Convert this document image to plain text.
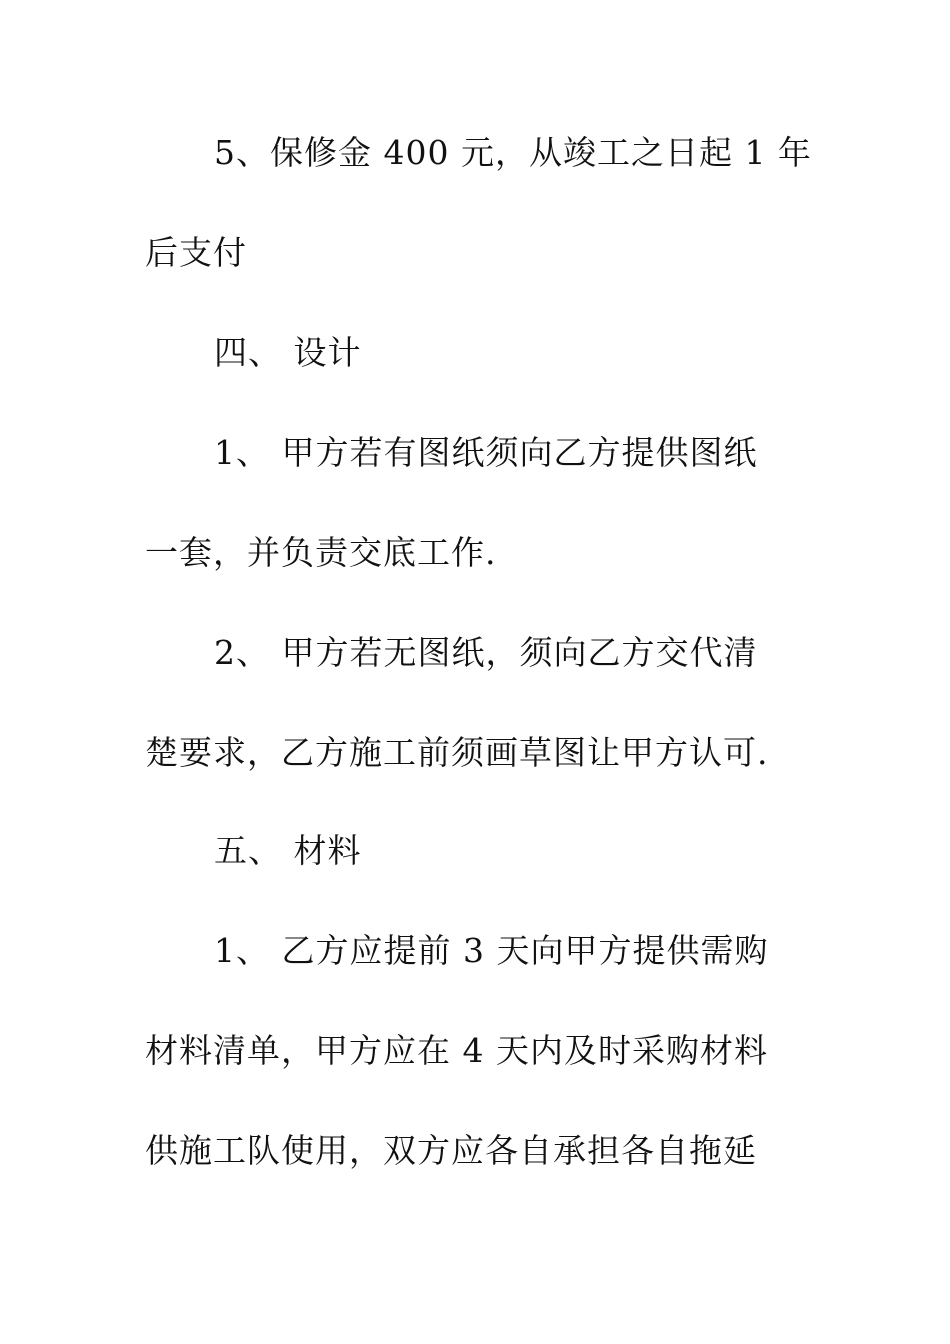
5、保修金 400 元，从竣工之日起 1 年
后支付
四、 设计
1、 甲方若有图纸须向乙方提供图纸
一套，并负责交底工作.
2、 甲方若无图纸，须向乙方交代清
楚要求，乙方施工前须画草图让甲方认可.
五、 材料
1、 乙方应提前 3 天向甲方提供需购
材料清单，甲方应在 4 天内及时采购材料
供施工队使用，双方应各自承担各自拖延
